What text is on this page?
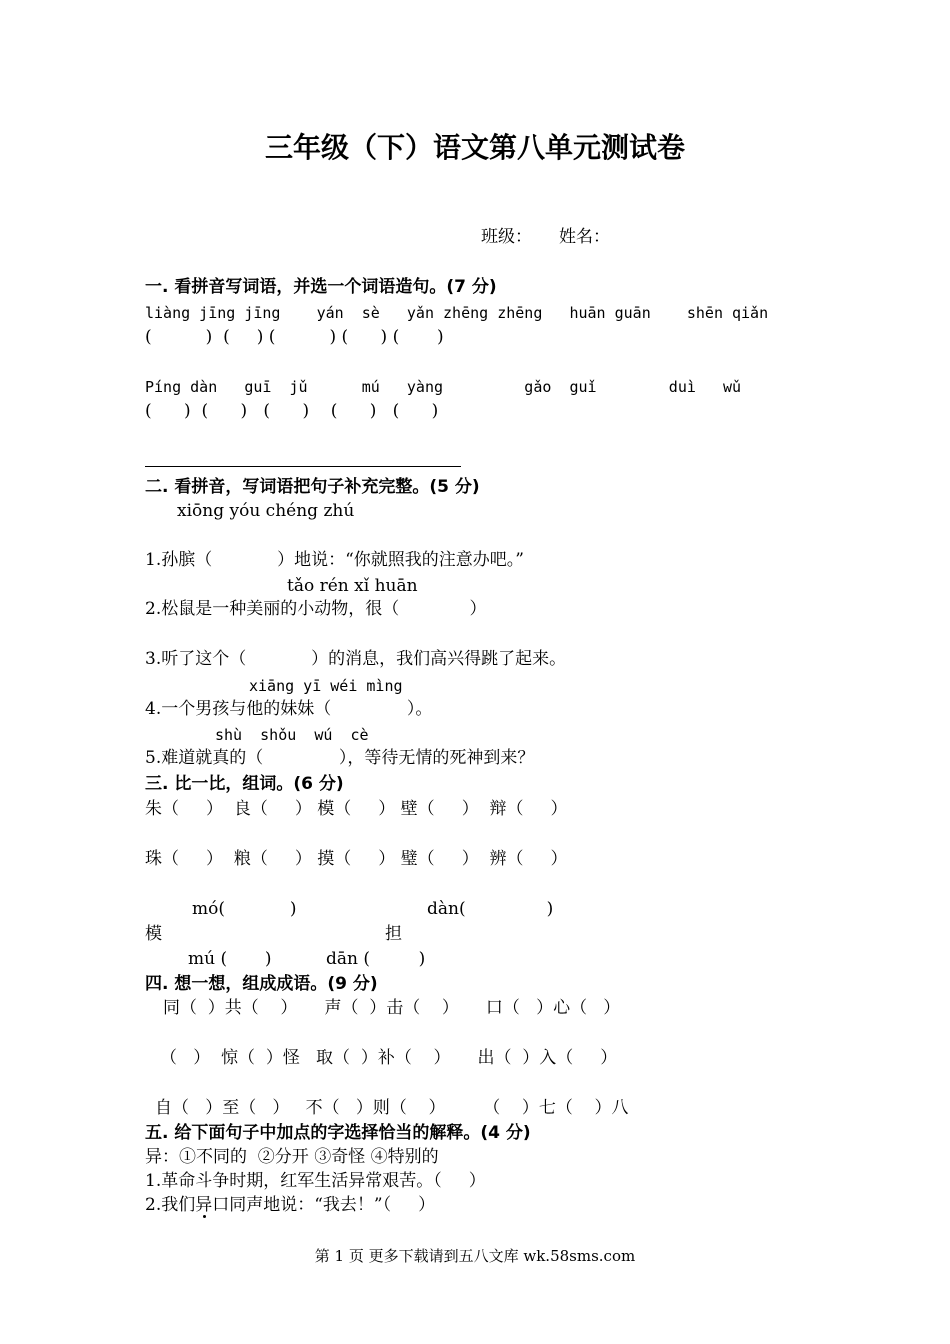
三年级（下）语文第八单元测试卷
班级：     姓名：
一. 看拼音写词语，并选一个词语造句。(7 分)
liàng jīng jīng    yán  sè   yǎn zhēng zhēng   huān guān    shēn qiǎn
(          )  (     ) (          ) (      ) (       )
Píng dàn   guī  jǔ      mú   yàng         gǎo  guǐ        duì   wǔ
(      )  (      )   (      )    (      )   (      )
二. 看拼音，写词语把句子补充完整。(5 分)
xiōng yóu chéng zhú
1.孙膑（            ）地说：“你就照我的注意办吧。”
tǎo rén xǐ huān
2.松鼠是一种美丽的小动物，很（             ）
3.听了这个（            ）的消息，我们高兴得跳了起来。
xiāng yī wéi mìng
4.一个男孩与他的妹妹（              ）。
shù  shǒu  wú  cè
5.难道就真的（              ），等待无情的死神到来？
三. 比一比，组词。(6 分)
朱（     ）  良（     ） 模（     ） 壁（     ）  辩（     ）
珠（     ）  粮（     ） 摸（     ） 璧（     ）  辨（     ）
mó(            )	dàn(               )
模	担
mú (       )	dān (         )
四. 想一想，组成成语。(9 分)
同（  ）共（    ）     声（  ）击（    ）     口（   ）心（   ）
（   ）  惊（  ）怪   取（  ）补（    ）     出（  ）入（     ）
自（   ）至（   ）   不（   ）则（    ）       （    ）七（    ）八
五. 给下面句子中加点的字选择恰当的解释。(4 分)
异：①不同的  ②分开 ③奇怪 ④特别的
1.革命斗争时期，红军生活异常艰苦。（     ）
2.我们异口同声地说：“我去！”（     ）
第 1 页 更多下载请到五八文库 wk.58sms.com
